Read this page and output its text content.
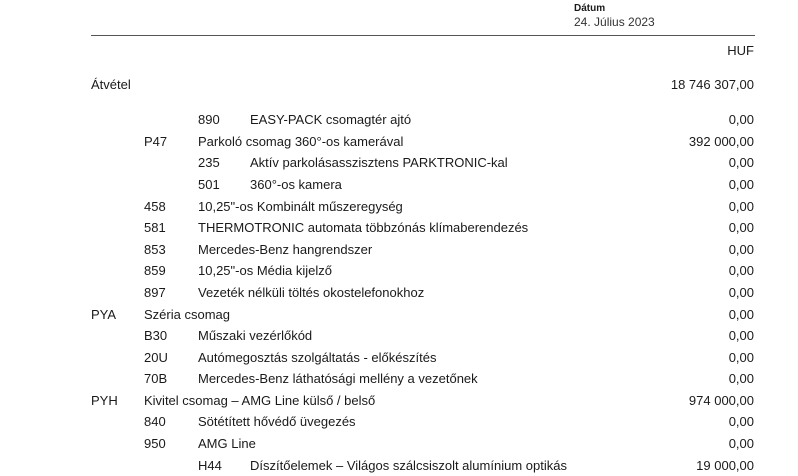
Dátum
24. Július 2023
HUF
Átvétel	18 746 307,00
890 EASY-PACK csomagtér ajtó	0,00
P47 Parkoló csomag 360°-os kamerával	392 000,00
235 Aktív parkolásasszisztens PARKTRONIC-kal	0,00
501 360°-os kamera	0,00
458 10,25"-os Kombinált műszeregység	0,00
581 THERMOTRONIC automata többzónás klímaberendezés	0,00
853 Mercedes-Benz hangrendszer	0,00
859 10,25"-os Média kijelző	0,00
897 Vezeték nélküli töltés okostelefonokhoz	0,00
PYA Széria csomag	0,00
B30 Műszaki vezérlőkód	0,00
20U Autómegosztás szolgáltatás - előkészítés	0,00
70B Mercedes-Benz láthatósági mellény a vezetőnek	0,00
PYH Kivitel csomag – AMG Line külső / belső	974 000,00
840 Sötétített hővédő üvegezés	0,00
950 AMG Line	0,00
H44 Díszítőelemek – Világos szálcsiszolt alumínium optikás	19 000,00
